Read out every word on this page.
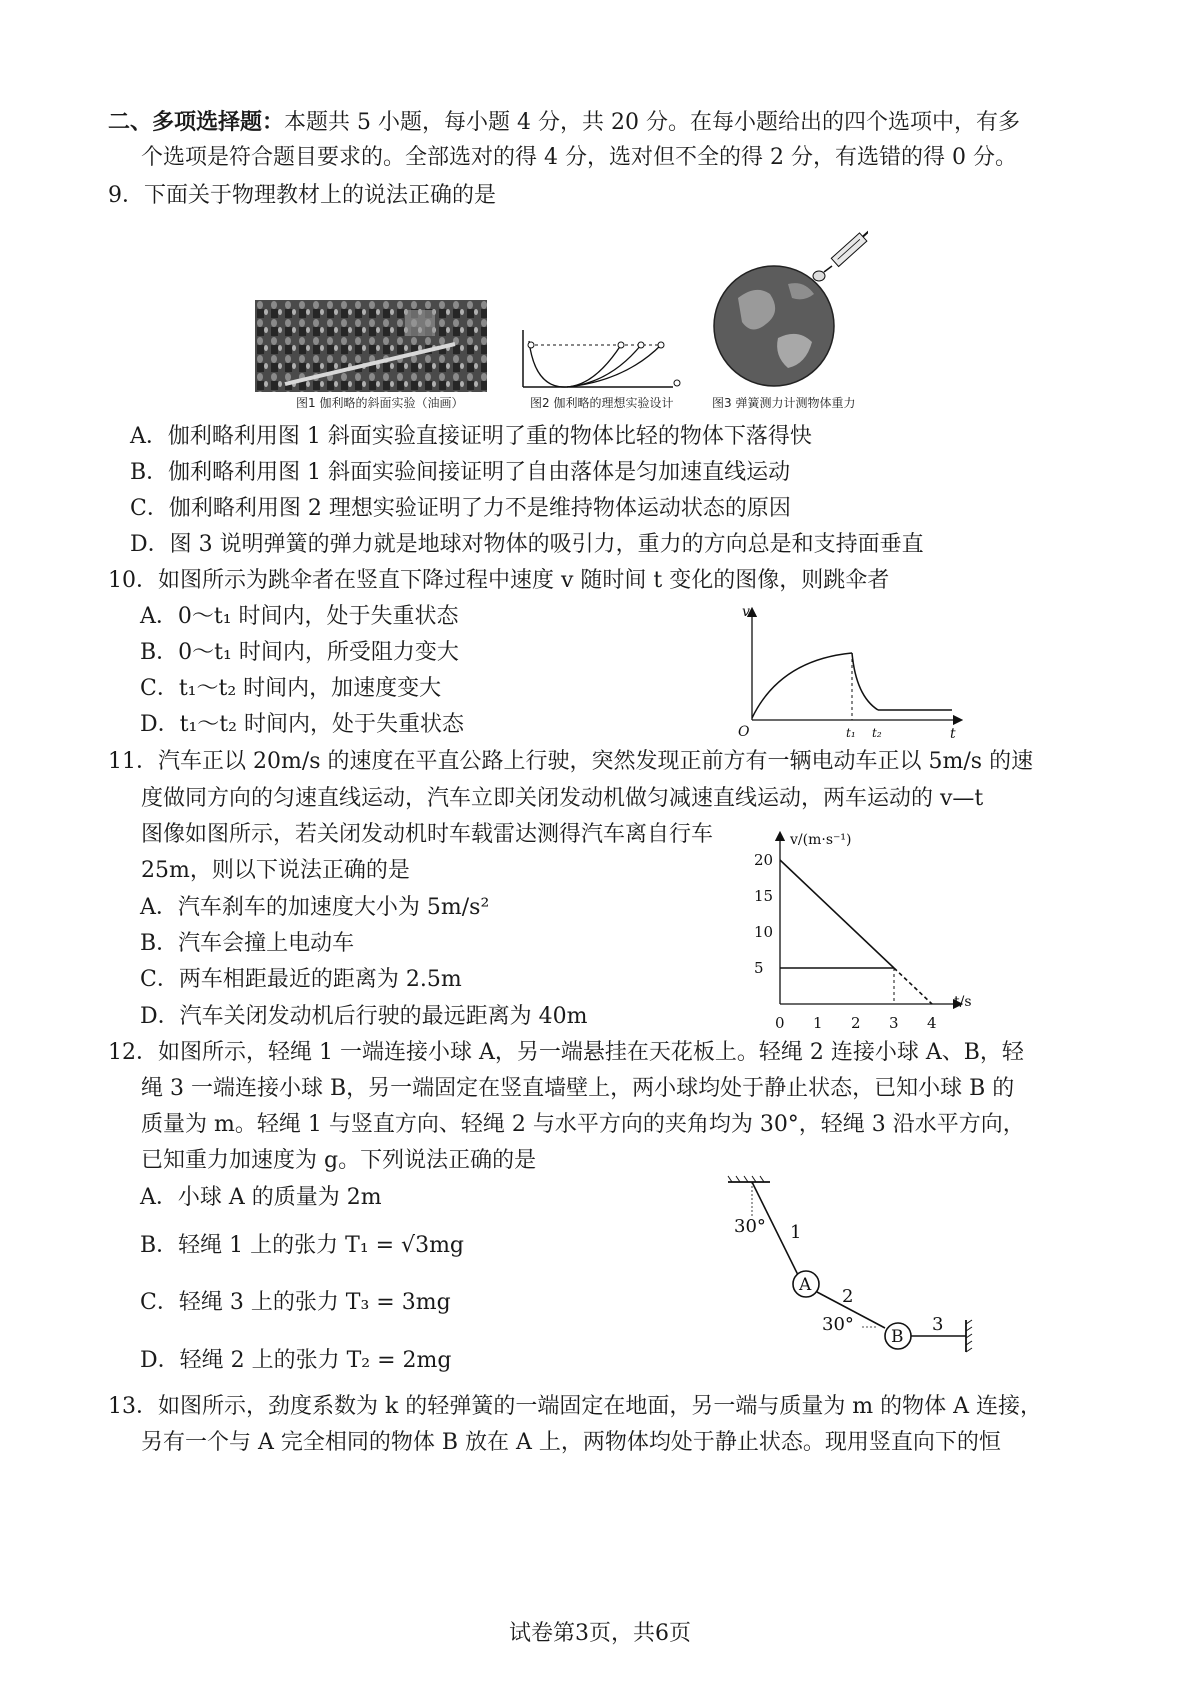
二、多项选择题：本题共 5 小题，每小题 4 分，共 20 分。在每小题给出的四个选项中，有多
个选项是符合题目要求的。全部选对的得 4 分，选对但不全的得 2 分，有选错的得 0 分。
9．下面关于物理教材上的说法正确的是
图1 伽利略的斜面实验（油画）	图2 伽利略的理想实验设计	图3 弹簧测力计测物体重力
A．伽利略利用图 1 斜面实验直接证明了重的物体比轻的物体下落得快
B．伽利略利用图 1 斜面实验间接证明了自由落体是匀加速直线运动
C．伽利略利用图 2 理想实验证明了力不是维持物体运动状态的原因
D．图 3 说明弹簧的弹力就是地球对物体的吸引力，重力的方向总是和支持面垂直
10．如图所示为跳伞者在竖直下降过程中速度 v 随时间 t 变化的图像，则跳伞者
A．0～t₁ 时间内，处于失重状态
B．0～t₁ 时间内，所受阻力变大
C．t₁～t₂ 时间内，加速度变大
D．t₁～t₂ 时间内，处于失重状态
v
t
O	t₁ t₂
11．汽车正以 20m/s 的速度在平直公路上行驶，突然发现正前方有一辆电动车正以 5m/s 的速
度做同方向的匀速直线运动，汽车立即关闭发动机做匀减速直线运动，两车运动的 v—t
图像如图所示，若关闭发动机时车载雷达测得汽车离自行车
25m，则以下说法正确的是
A．汽车刹车的加速度大小为 5m/s²
B．汽车会撞上电动车
C．两车相距最近的距离为 2.5m
D．汽车关闭发动机后行驶的最远距离为 40m
v/(m·s⁻¹)
t/s
0 1 2 3 4
5
10
15
20
12．如图所示，轻绳 1 一端连接小球 A，另一端悬挂在天花板上。轻绳 2 连接小球 A、B，轻
绳 3 一端连接小球 B，另一端固定在竖直墙壁上，两小球均处于静止状态，已知小球 B 的
质量为 m。轻绳 1 与竖直方向、轻绳 2 与水平方向的夹角均为 30°，轻绳 3 沿水平方向，
已知重力加速度为 g。下列说法正确的是
A．小球 A 的质量为 2m
B．轻绳 1 上的张力 T₁ = √3mg
C．轻绳 3 上的张力 T₃ = 3mg
D．轻绳 2 上的张力 T₂ = 2mg
30° 1
A
2
30°
B
3
13．如图所示，劲度系数为 k 的轻弹簧的一端固定在地面，另一端与质量为 m 的物体 A 连接，
另有一个与 A 完全相同的物体 B 放在 A 上，两物体均处于静止状态。现用竖直向下的恒
试卷第3页，共6页
